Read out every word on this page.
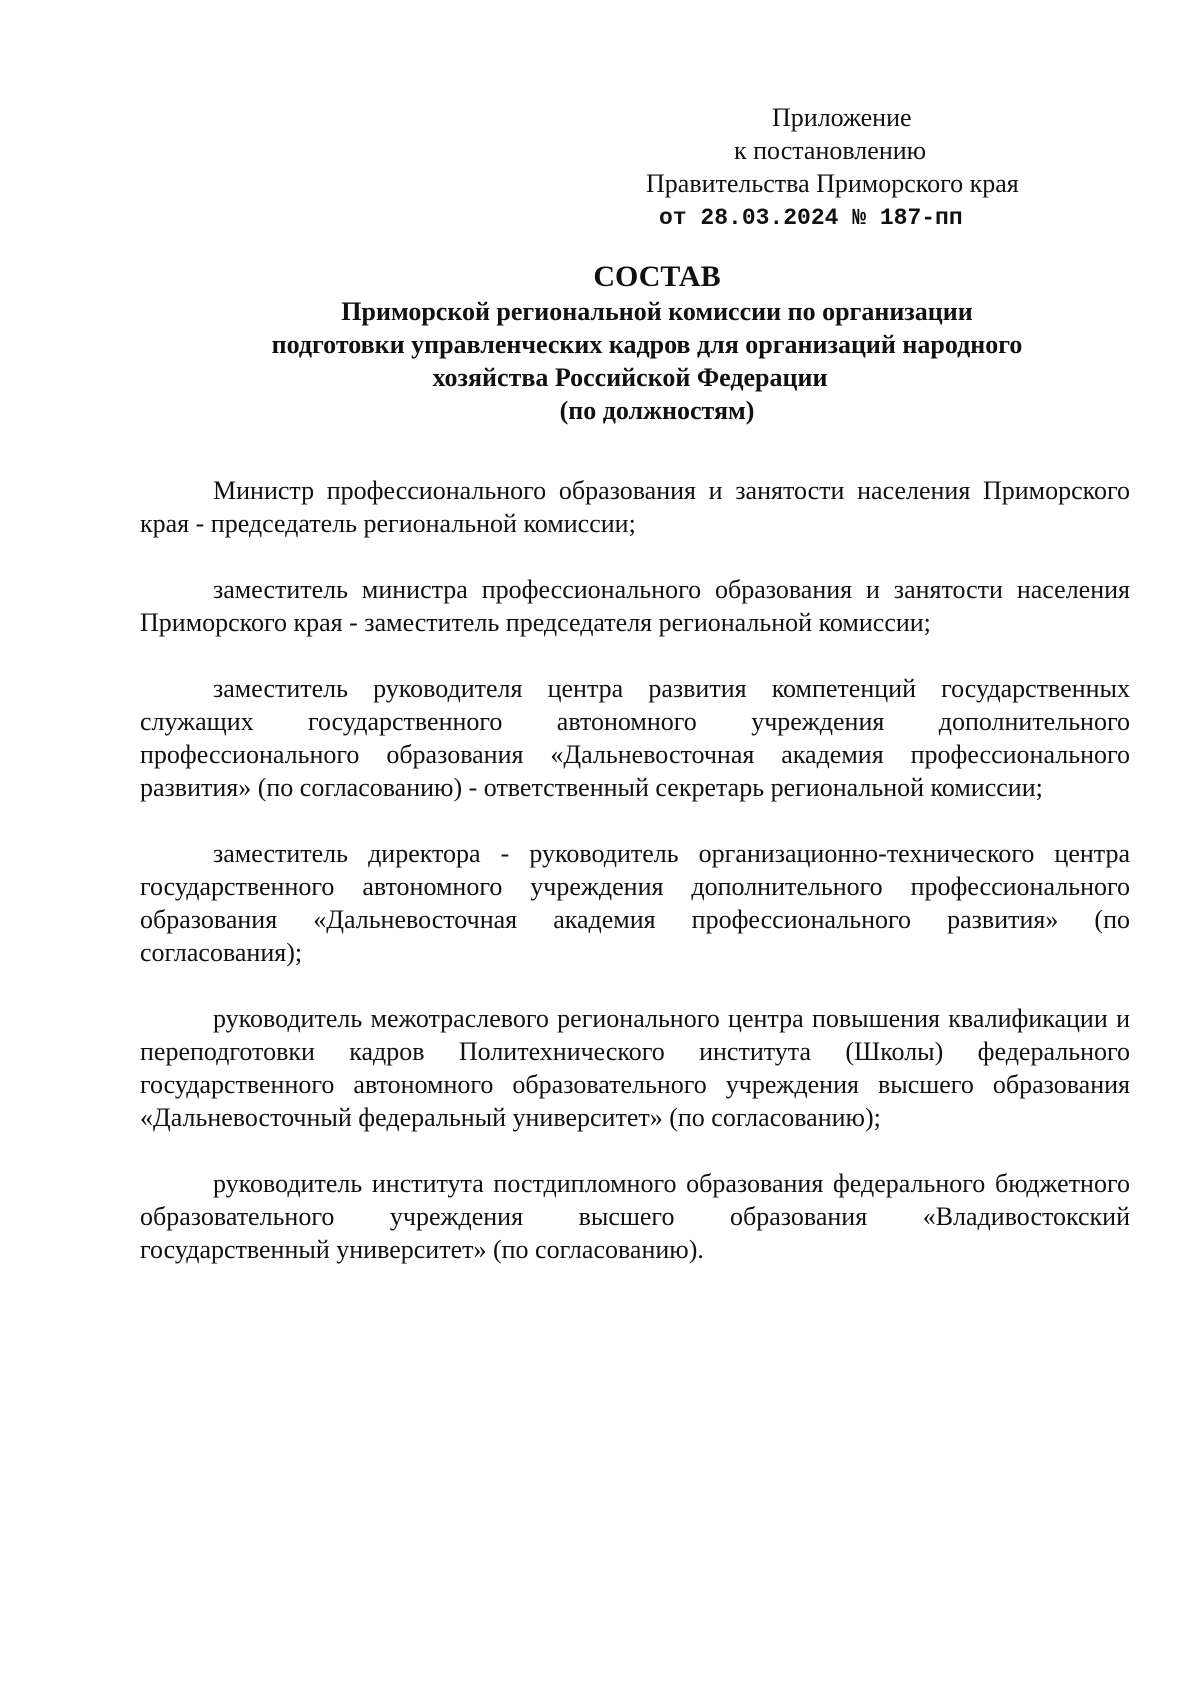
Приложение
к постановлению
Правительства Приморского края
от 28.03.2024 № 187-пп
СОСТАВ
Приморской региональной комиссии по организации
подготовки управленческих кадров для организаций народного
хозяйства Российской Федерации
(по должностям)

Министр профессионального образования и занятости населения Приморского края - председатель региональной комиссии;

заместитель министра профессионального образования и занятости населения Приморского края - заместитель председателя региональной комиссии;

заместитель руководителя центра развития компетенций государственных служащих государственного автономного учреждения дополнительного профессионального образования «Дальневосточная академия профессионального развития» (по согласованию) - ответственный секретарь региональной комиссии;

заместитель директора - руководитель организационно-технического центра государственного автономного учреждения дополнительного профессионального образования «Дальневосточная академия профессионального развития» (по согласования);

руководитель межотраслевого регионального центра повышения квалификации и переподготовки кадров Политехнического института (Школы) федерального государственного автономного образовательного учреждения высшего образования «Дальневосточный федеральный университет» (по согласованию);

руководитель института постдипломного образования федерального бюджетного образовательного учреждения высшего образования «Владивостокский государственный университет» (по согласованию).
